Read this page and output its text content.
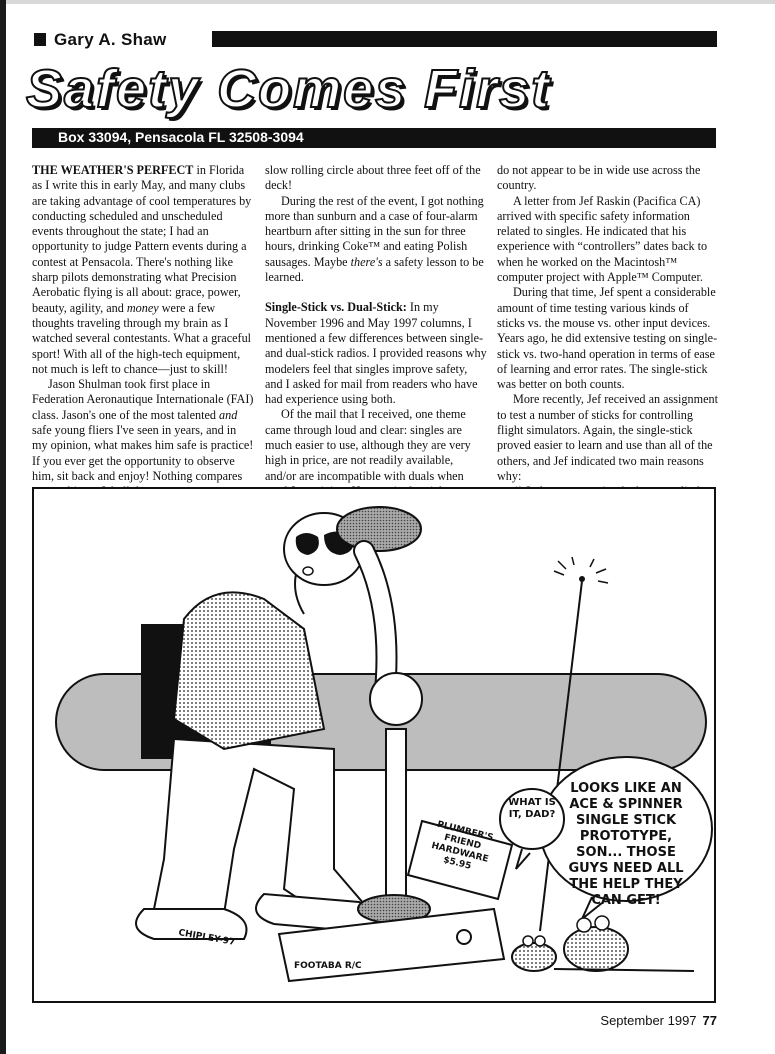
Gary A. Shaw
Safety Comes First
Box 33094, Pensacola FL 32508-3094

THE WEATHER'S PERFECT in Florida as I write this in early May, and many clubs are taking advantage of cool temperatures by conducting scheduled and unscheduled events throughout the state; I had an opportunity to judge Pattern events during a contest at Pensacola. There's nothing like sharp pilots demonstrating what Precision Aerobatic flying is all about: grace, power, beauty, agility, and money were a few thoughts traveling through my brain as I watched several contestants. What a graceful sport! With all of the high-tech equipment, not much is left to chance—just to skill!

Jason Shulman took first place in Federation Aeronautique Internationale (FAI) class. Jason's one of the most talented and safe young fliers I've seen in years, and in my opinion, what makes him safe is practice! If you ever get the opportunity to observe him, sit back and enjoy! Nothing compares

slow rolling circle about three feet off of the deck!

During the rest of the event, I got nothing more than sunburn and a case of four-alarm heartburn after sitting in the sun for three hours, drinking Coke™ and eating Polish sausages. Maybe there's a safety lesson to be learned.

Single-Stick vs. Dual-Stick: In my November 1996 and May 1997 columns, I mentioned a few differences between single- and dual-stick radios. I provided reasons why modelers feel that singles improve safety, and I asked for mail from readers who have had experience using both.

Of the mail that I received, one theme came through loud and clear: singles are much easier to use, although they are very high in price, are not readily available, and/or are incompatible with duals when

do not appear to be in wide use across the country.

A letter from Jef Raskin (Pacifica CA) arrived with specific safety information related to singles. He indicated that his experience with “controllers” dates back to when he worked on the Macintosh™ computer project with Apple™ Computer.

During that time, Jef spent a considerable amount of time testing various kinds of sticks vs. the mouse vs. other input devices. Years ago, he did extensive testing on single-stick vs. two-hand operation in terms of ease of learning and error rates. The single-stick was better on both counts.

More recently, Jef received an assignment to test a number of sticks for controlling flight simulators. Again, the single-stick proved easier to learn and use than all of the others, and Jef indicated two main reasons why:

LOOKS LIKE AN ACE & SPINNER SINGLE STICK PROTOTYPE, SON... THOSE GUYS NEED ALL THE HELP THEY CAN GET!
WHAT IS IT, DAD?
PLUMBER'S FRIEND HARDWARE $5.95
FOOTABA R/C
CHIPLEY-97
September 1997 77
